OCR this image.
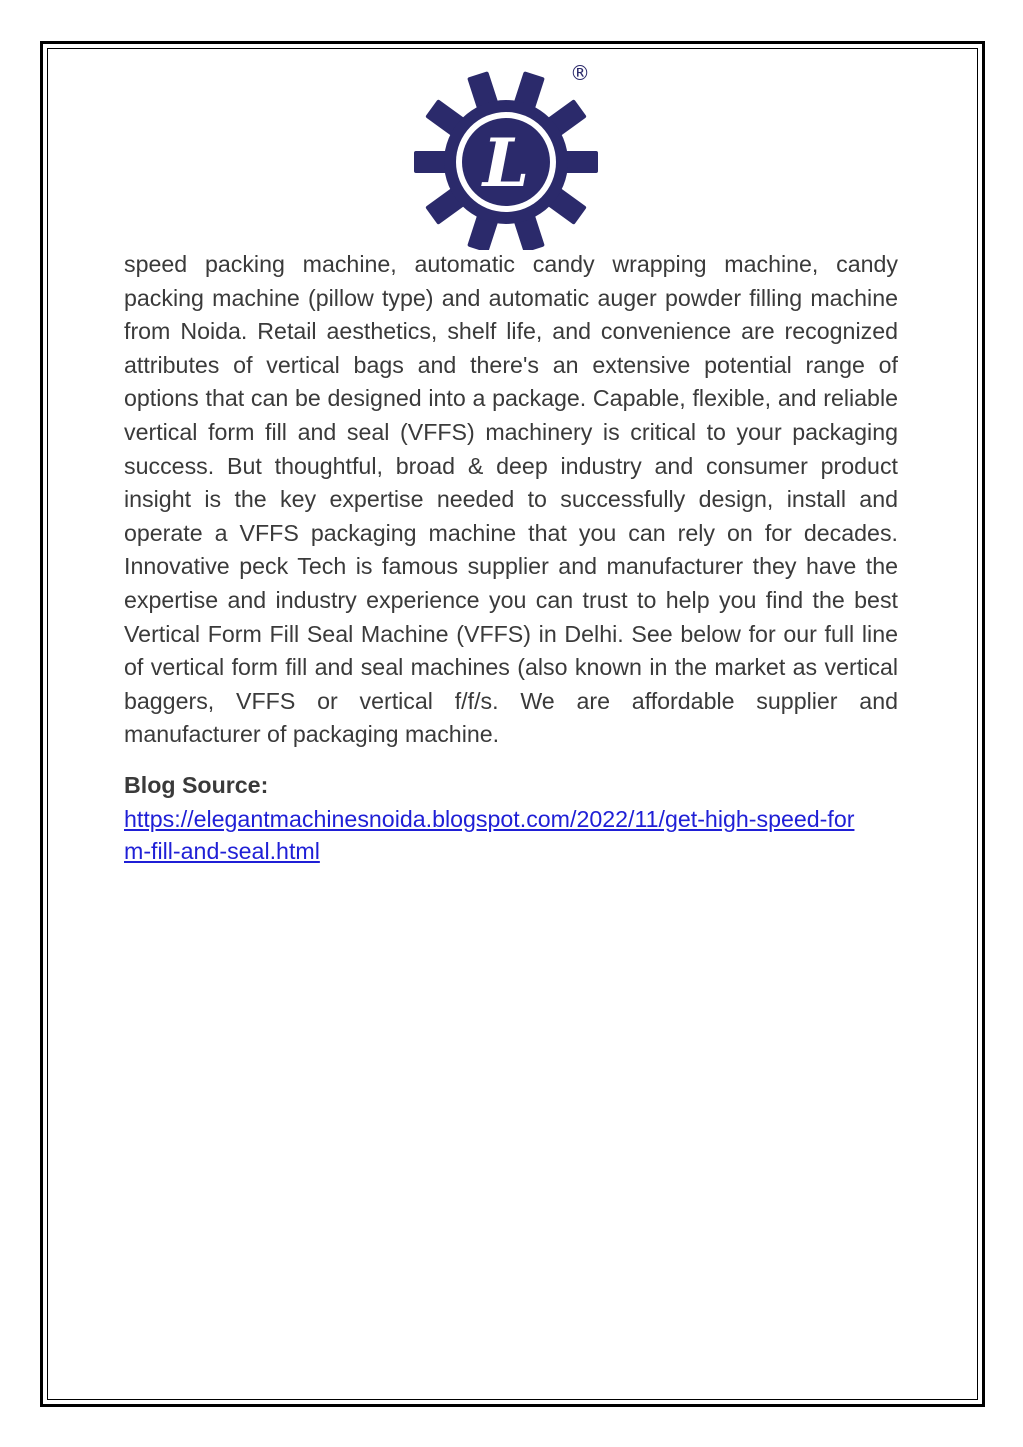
L
®

speed packing machine, automatic candy wrapping machine, candy packing machine (pillow type) and automatic auger powder filling machine from Noida. Retail aesthetics, shelf life, and convenience are recognized attributes of vertical bags and there's an extensive potential range of options that can be designed into a package. Capable, flexible, and reliable vertical form fill and seal (VFFS) machinery is critical to your packaging success. But thoughtful, broad & deep industry and consumer product insight is the key expertise needed to successfully design, install and operate a VFFS packaging machine that you can rely on for decades. Innovative peck Tech is famous supplier and manufacturer they have the expertise and industry experience you can trust to help you find the best Vertical Form Fill Seal Machine (VFFS) in Delhi. See below for our full line of vertical form fill and seal machines (also known in the market as vertical baggers, VFFS or vertical f/f/s. We are affordable supplier and manufacturer of packaging machine.

Blog Source:

https://elegantmachinesnoida.blogspot.com/2022/11/get-high-speed-form-fill-and-seal.html
